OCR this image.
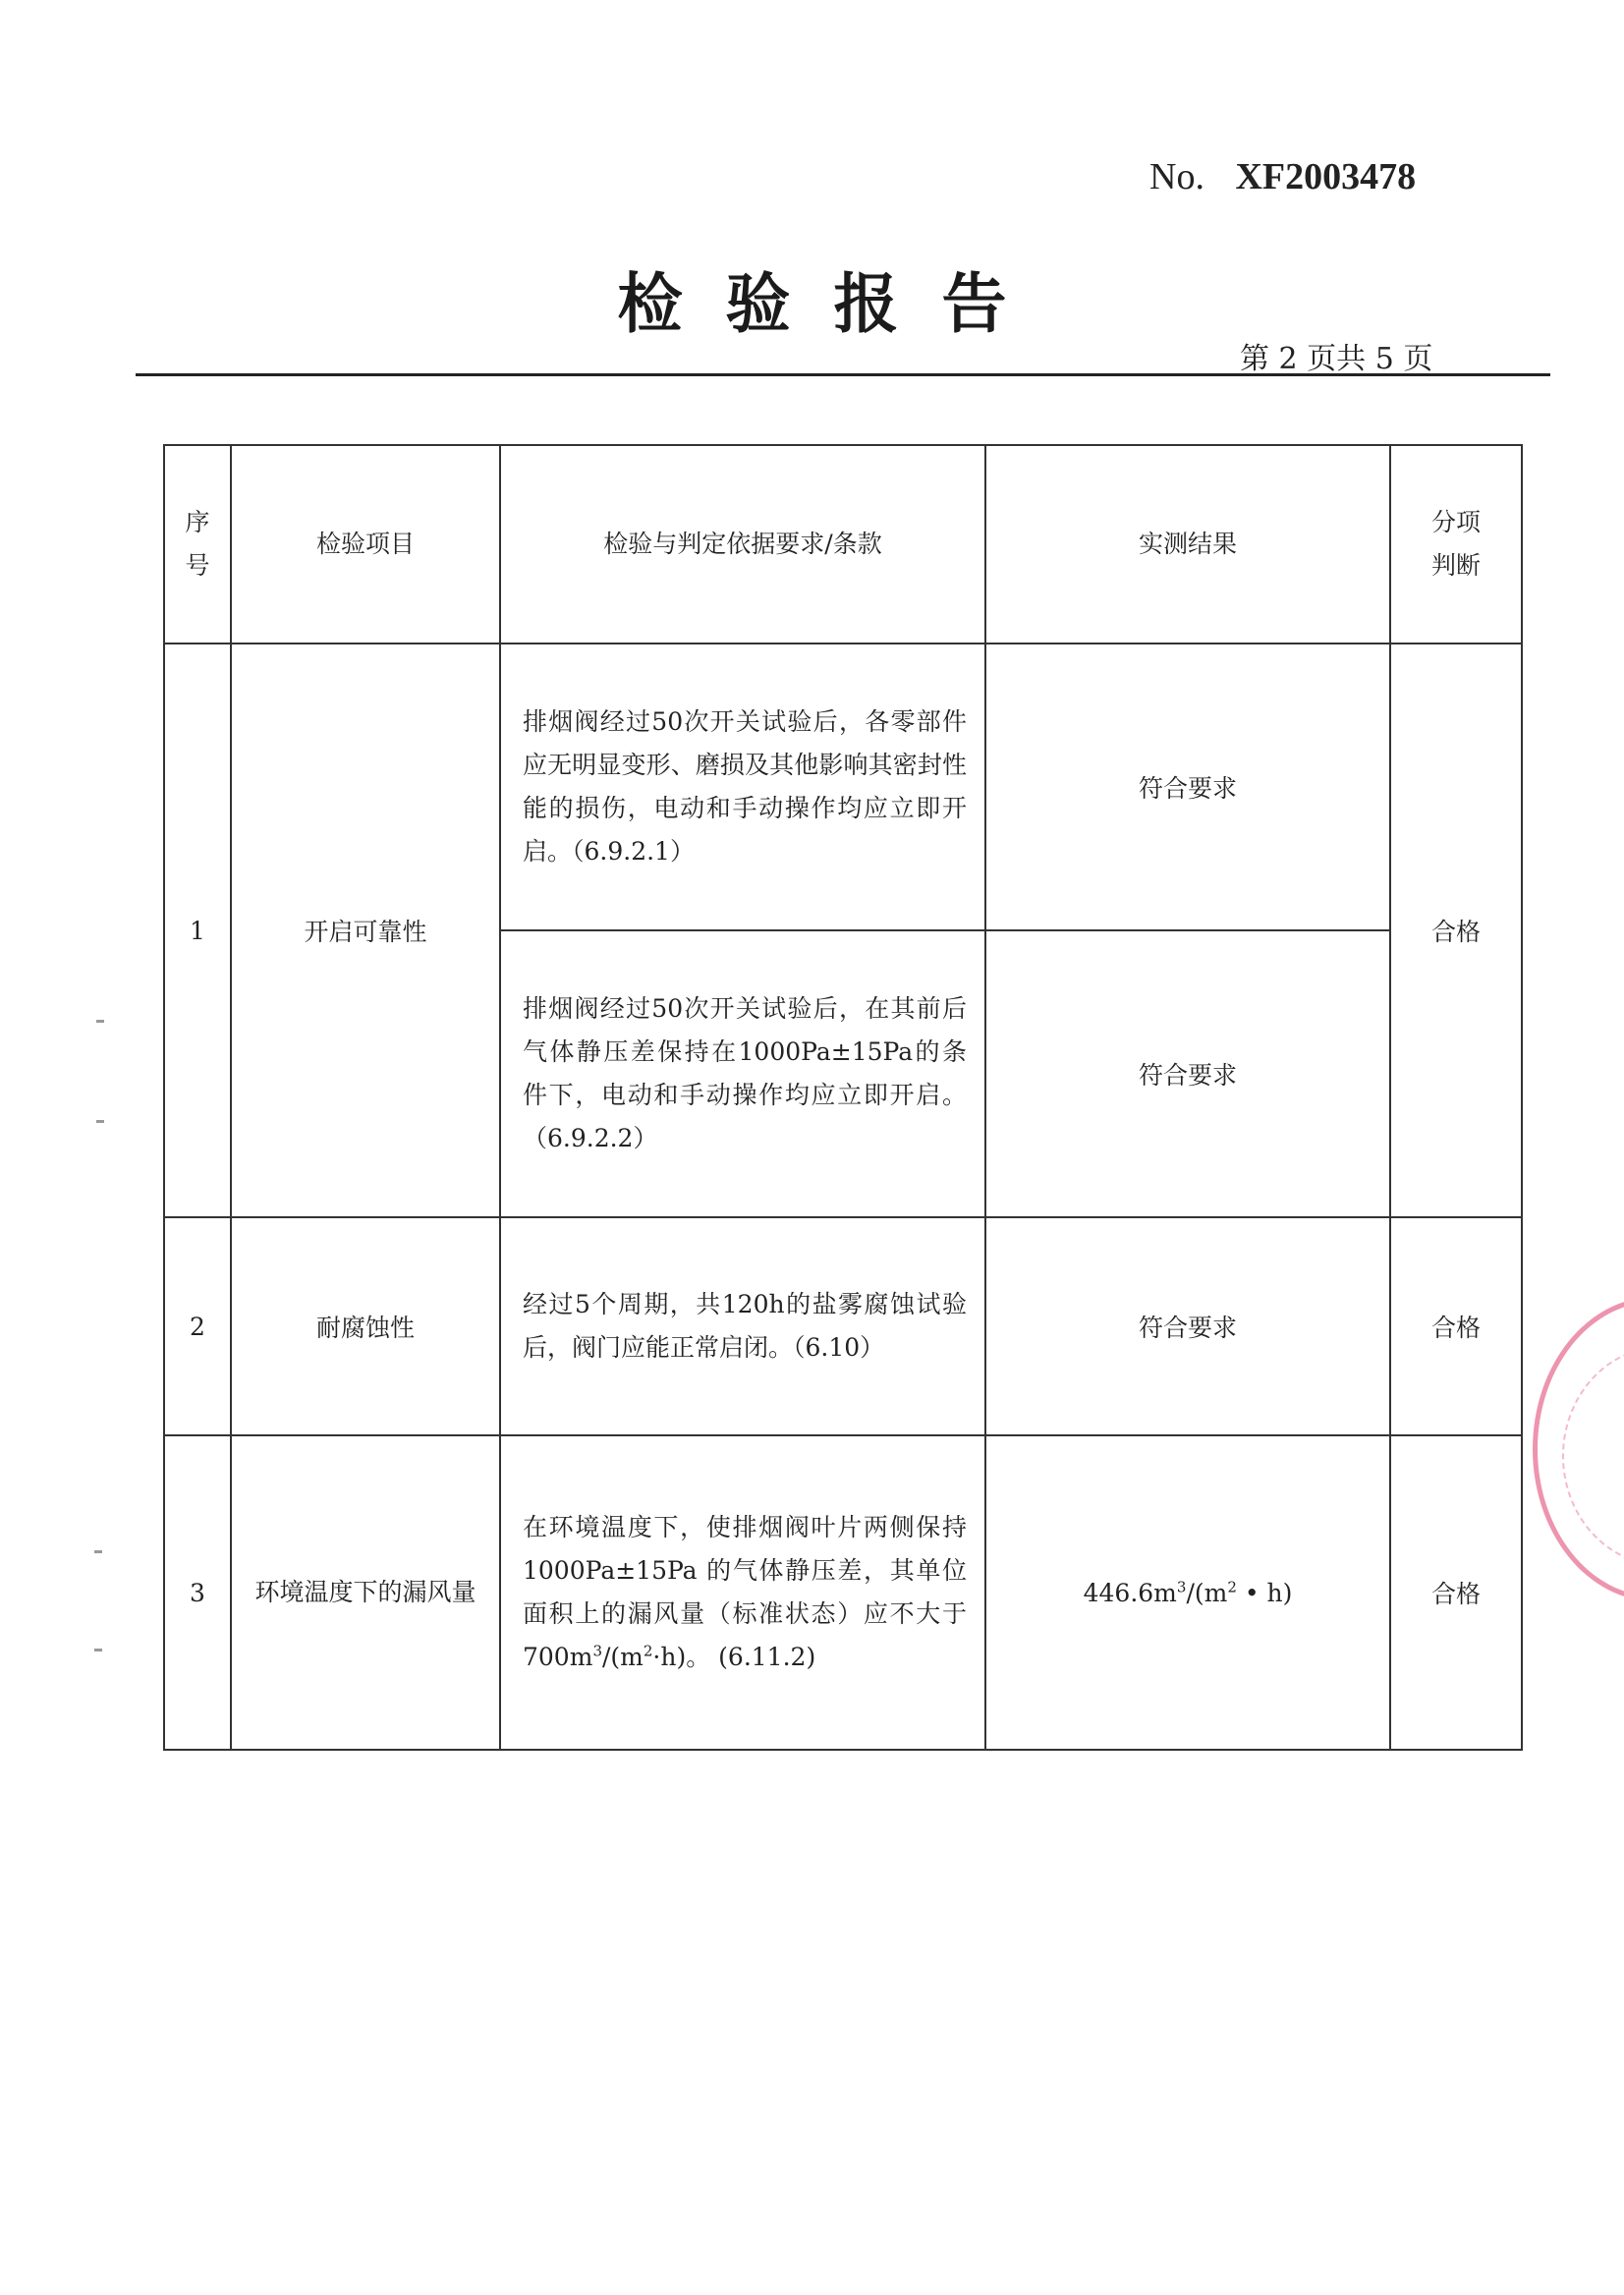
No. XF2003478
检验报告
第 2 页共 5 页
序号	检验项目	检验与判定依据要求/条款	实测结果	分项判断
1	开启可靠性	排烟阀经过50次开关试验后，各零部件应无明显变形、磨损及其他影响其密封性能的损伤，电动和手动操作均应立即开启。（6.9.2.1）	符合要求	合格
		排烟阀经过50次开关试验后，在其前后气体静压差保持在1000Pa±15Pa的条件下，电动和手动操作均应立即开启。（6.9.2.2）	符合要求	
2	耐腐蚀性	经过5个周期，共120h的盐雾腐蚀试验后，阀门应能正常启闭。（6.10）	符合要求	合格
3	环境温度下的漏风量	在环境温度下，使排烟阀叶片两侧保持 1000Pa±15Pa 的气体静压差，其单位面积上的漏风量（标准状态）应不大于 $700m^3/(m^2\cdot h)$。 (6.11.2)	$446.6m^3/(m^2$ • h)	合格
